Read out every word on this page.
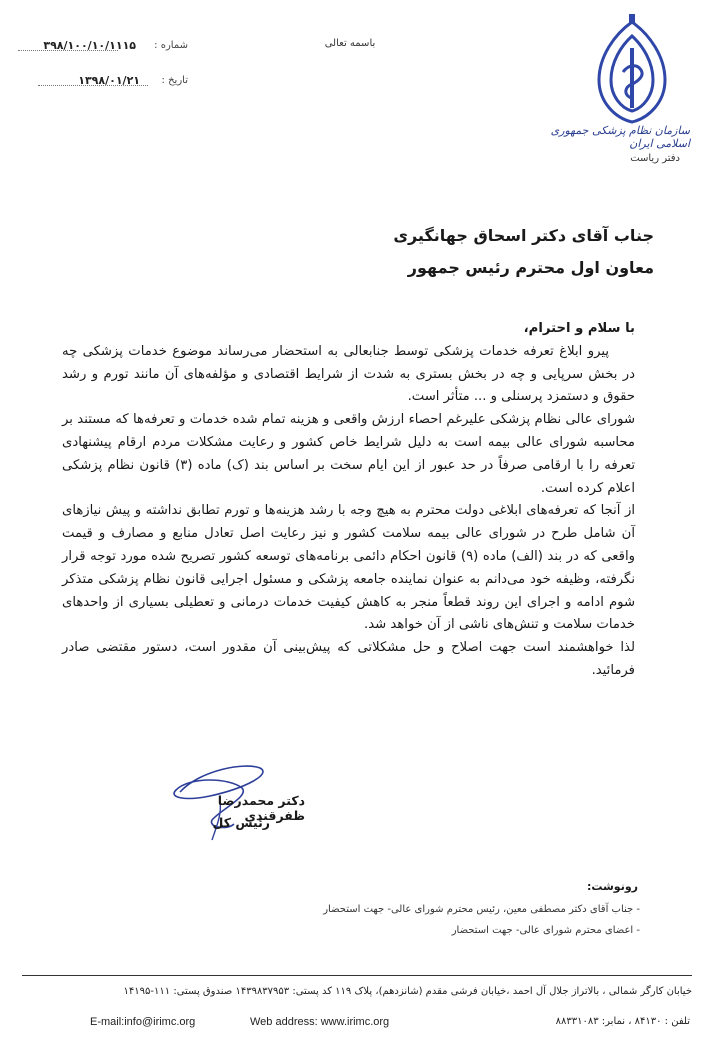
سازمان نظام پزشکی جمهوری اسلامی ایران
دفتر ریاست
باسمه تعالی
۳۹۸/۱۰۰/۱۰/۱۱۱۵ شماره :
۱۳۹۸/۰۱/۲۱ تاریخ :
جناب آقای دکتر اسحاق جهانگیری
معاون اول محترم رئیس جمهور

با سلام و احترام،

پیرو ابلاغ تعرفه خدمات پزشکی توسط جنابعالی به استحضار می‌رساند موضوع خدمات پزشکی چه در بخش سرپایی و چه در بخش بستری به شدت از شرایط اقتصادی و مؤلفه‌های آن مانند تورم و رشد حقوق و دستمزد پرسنلی و ... متأثر است.

شورای عالی نظام پزشکی علیرغم احصاء ارزش واقعی و هزینه تمام شده خدمات و تعرفه‌ها که مستند بر محاسبه شورای عالی بیمه است به دلیل شرایط خاص کشور و رعایت مشکلات مردم ارقام پیشنهادی تعرفه را با ارقامی صرفاً در حد عبور از این ایام سخت بر اساس بند (ک) ماده (۳) قانون نظام پزشکی اعلام کرده است.

از آنجا که تعرفه‌های ابلاغی دولت محترم به هیچ وجه با رشد هزینه‌ها و تورم تطابق نداشته و پیش نیازهای آن شامل طرح در شورای عالی بیمه سلامت کشور و نیز رعایت اصل تعادل منابع و مصارف و قیمت واقعی که در بند (الف) ماده (۹) قانون احکام دائمی برنامه‌های توسعه کشور تصریح شده مورد توجه قرار نگرفته، وظیفه خود می‌دانم به عنوان نماینده جامعه پزشکی و مسئول اجرایی قانون نظام پزشکی متذکر شوم ادامه و اجرای این روند قطعاً منجر به کاهش کیفیت خدمات درمانی و تعطیلی بسیاری از واحدهای خدمات سلامت و تنش‌های ناشی از آن خواهد شد.

لذا خواهشمند است جهت اصلاح و حل مشکلاتی که پیش‌بینی آن مقدور است، دستور مقتضی صادر فرمائید.

دکتر محمدرضا ظفرقندی
رئیس کل
رونوشت:
- جناب آقای دکتر مصطفی معین، رئیس محترم شورای عالی- جهت استحضار
- اعضای محترم شورای عالی- جهت استحضار
خیابان کارگر شمالی ، بالاتراز جلال آل احمد ،خیابان فرشی مقدم (شانزدهم)، پلاک ۱۱۹ کد پستی: ۱۴۳۹۸۳۷۹۵۳ صندوق پستی: ۱۱۱-۱۴۱۹۵
E-mail:info@irimc.org	Web address: www.irimc.org	تلفن : ۸۴۱۳۰ ، نمابر: ۸۸۳۳۱۰۸۳
